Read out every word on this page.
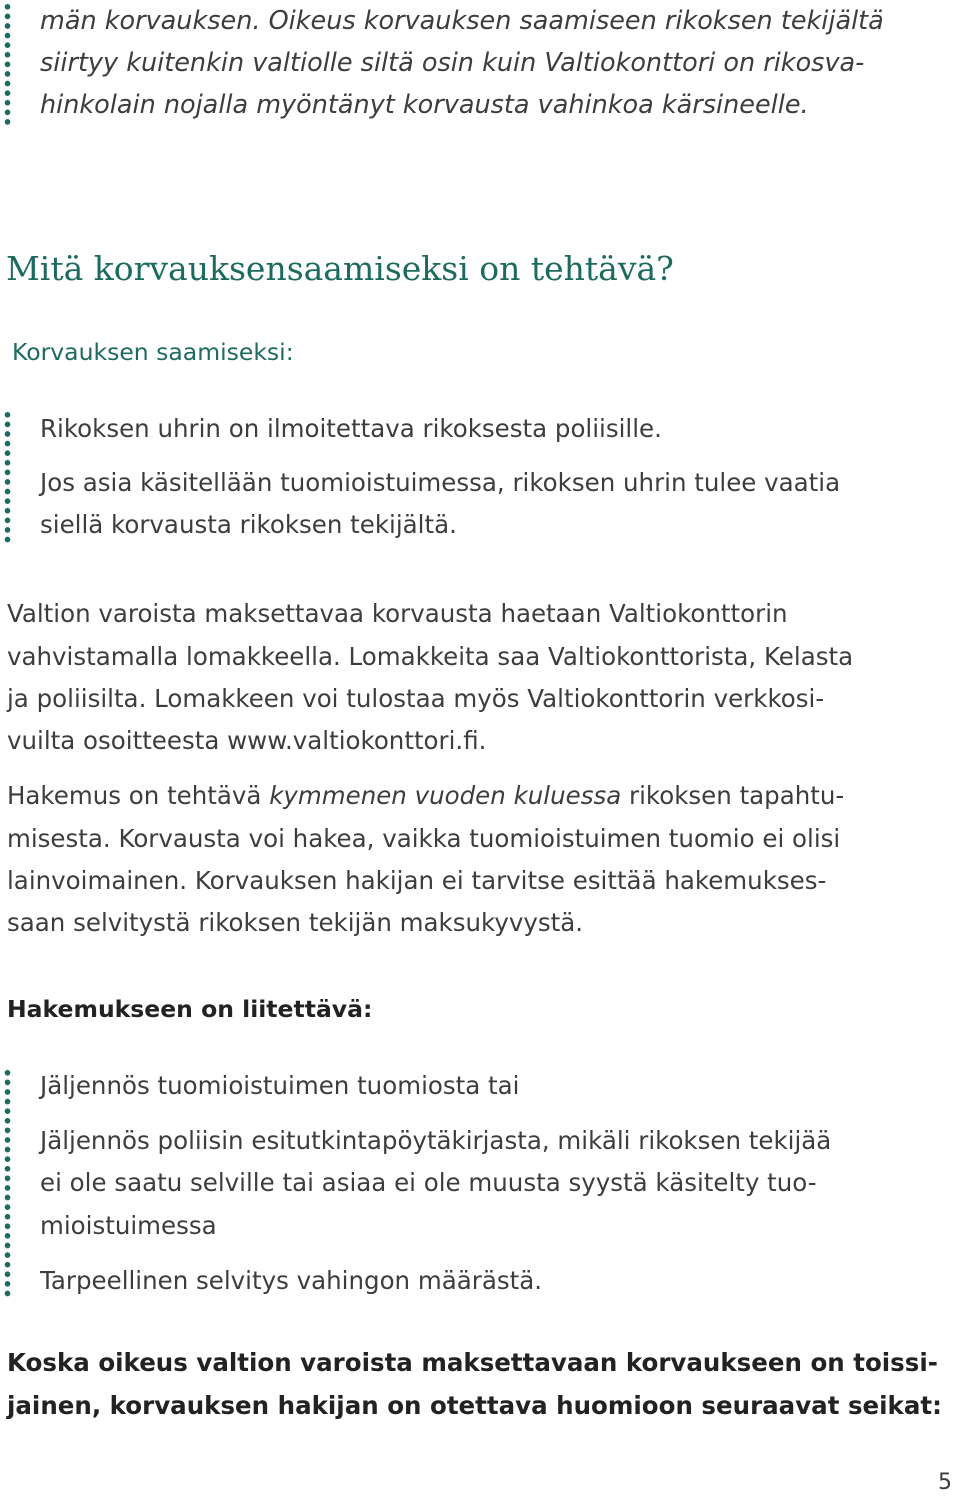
män korvauksen. Oikeus korvauksen saamiseen rikoksen tekijältä
siirtyy kuitenkin valtiolle siltä osin kuin Valtiokonttori on rikosva-
hinkolain nojalla myöntänyt korvausta vahinkoa kärsineelle.
Mitä korvauksensaamiseksi on tehtävä?
Korvauksen saamiseksi:
Rikoksen uhrin on ilmoitettava rikoksesta poliisille.
Jos asia käsitellään tuomioistuimessa, rikoksen uhrin tulee vaatia
siellä korvausta rikoksen tekijältä.
Valtion varoista maksettavaa korvausta haetaan Valtiokonttorin
vahvistamalla lomakkeella. Lomakkeita saa Valtiokonttorista, Kelasta
ja poliisilta. Lomakkeen voi tulostaa myös Valtiokonttorin verkkosi-
vuilta osoitteesta www.valtiokonttori.fi.
Hakemus on tehtävä kymmenen vuoden kuluessa rikoksen tapahtu-
misesta. Korvausta voi hakea, vaikka tuomioistuimen tuomio ei olisi
lainvoimainen. Korvauksen hakijan ei tarvitse esittää hakemukses-
saan selvitystä rikoksen tekijän maksukyvystä.
Hakemukseen on liitettävä:
Jäljennös tuomioistuimen tuomiosta tai
Jäljennös poliisin esitutkintapöytäkirjasta, mikäli rikoksen tekijää
ei ole saatu selville tai asiaa ei ole muusta syystä käsitelty tuo-
mioistuimessa
Tarpeellinen selvitys vahingon määrästä.
Koska oikeus valtion varoista maksettavaan korvaukseen on toissi-
jainen, korvauksen hakijan on otettava huomioon seuraavat seikat:
5
